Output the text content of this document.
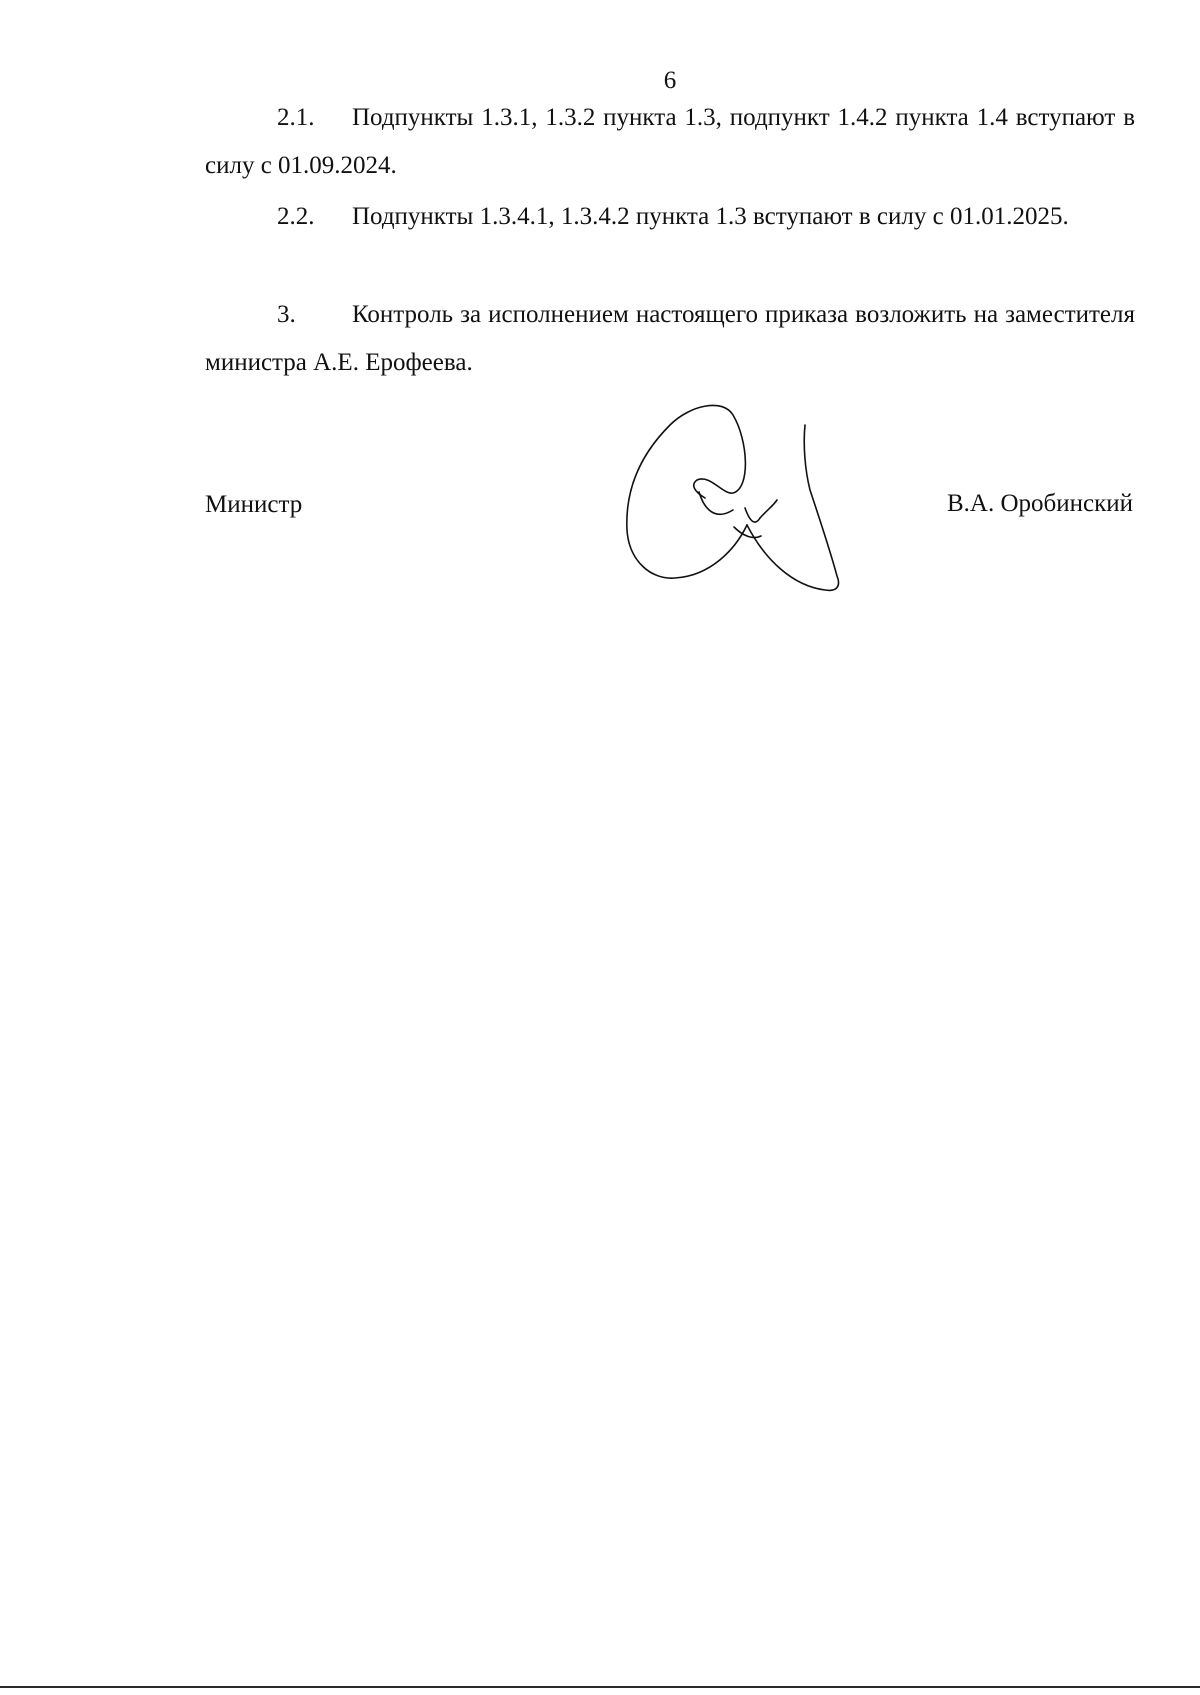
6

2.1. Подпункты 1.3.1, 1.3.2 пункта 1.3, подпункт 1.4.2 пункта 1.4 вступают в силу с 01.09.2024.

2.2. Подпункты 1.3.4.1, 1.3.4.2 пункта 1.3 вступают в силу с 01.01.2025.

3. Контроль за исполнением настоящего приказа возложить на заместителя министра А.Е. Ерофеева.

Министр	В.А. Оробинский
